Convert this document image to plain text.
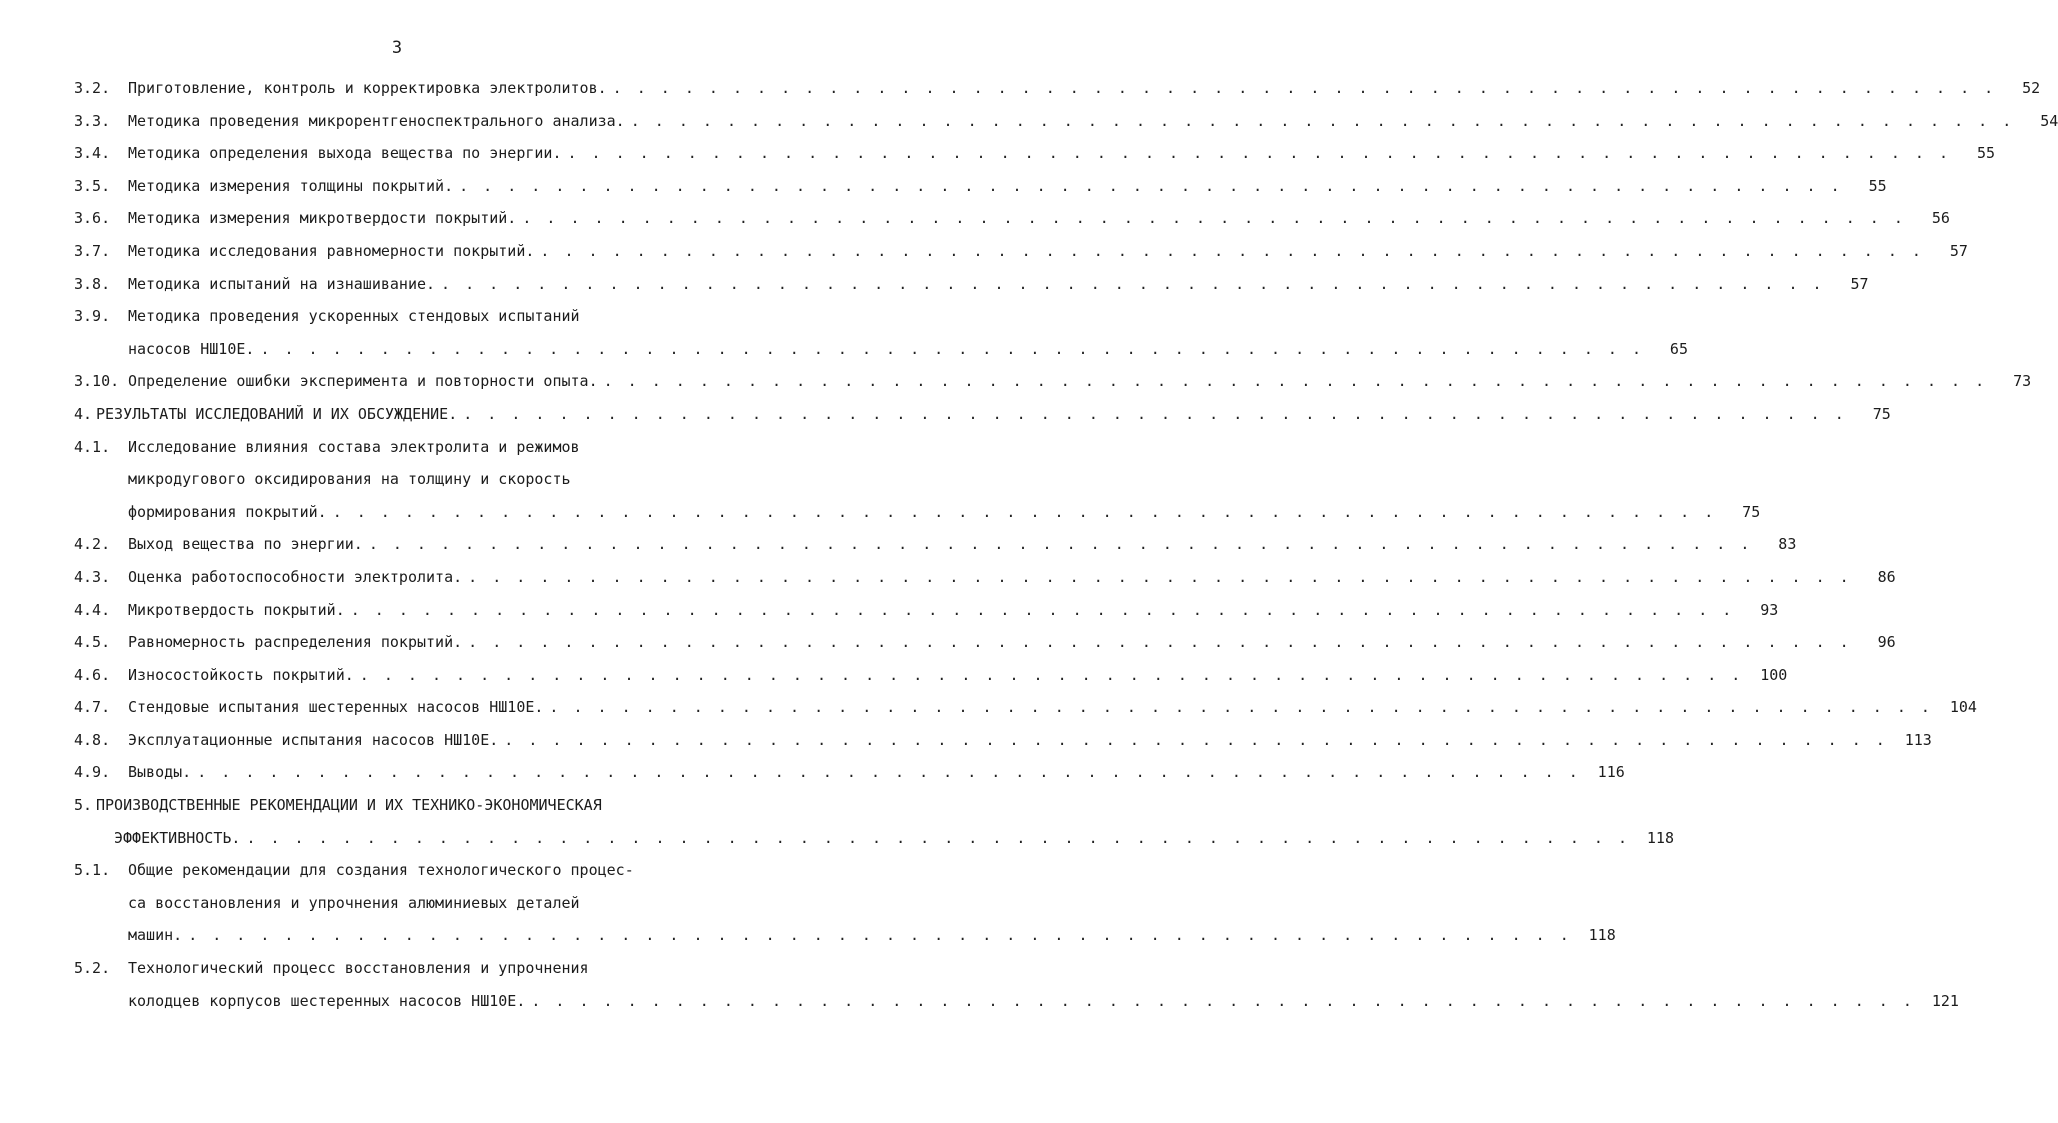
3
3.2.	Приготовление, контроль и корректировка электролитов. . . . . . . . . . . . . . . . . . . . . . . . . . . . . . . . . . . . . . . . . . . . . . . . . . . . . . . . . . .	52
3.3.	Методика проведения микрорентгеноспектрального анализа. . . . . . . . . . . . . . . . . . . . . . . . . . . . . . . . . . . . . . . . . . . . . . . . . . . . . . . . . . .	54
3.4.	Методика определения выхода вещества по энергии. . . . . . . . . . . . . . . . . . . . . . . . . . . . . . . . . . . . . . . . . . . . . . . . . . . . . . . . . . .	55
3.5.	Методика измерения толщины покрытий. . . . . . . . . . . . . . . . . . . . . . . . . . . . . . . . . . . . . . . . . . . . . . . . . . . . . . . . . . .	55
3.6.	Методика измерения микротвердости покрытий. . . . . . . . . . . . . . . . . . . . . . . . . . . . . . . . . . . . . . . . . . . . . . . . . . . . . . . . . . .	56
3.7.	Методика исследования равномерности покрытий. . . . . . . . . . . . . . . . . . . . . . . . . . . . . . . . . . . . . . . . . . . . . . . . . . . . . . . . . . .	57
3.8.	Методика испытаний на изнашивание. . . . . . . . . . . . . . . . . . . . . . . . . . . . . . . . . . . . . . . . . . . . . . . . . . . . . . . . . . .	57
3.9.	Методика проведения ускоренных стендовых испытаний
насосов НШ10Е. . . . . . . . . . . . . . . . . . . . . . . . . . . . . . . . . . . . . . . . . . . . . . . . . . . . . . . . . . .	65
3.10. Определение ошибки эксперимента и повторности опыта. . . . . . . . . . . . . . . . . . . . . . . . . . . . . . . . . . . . . . . . . . . . . . . . . . . . . . . . . . .	73
4. РЕЗУЛЬТАТЫ ИССЛЕДОВАНИЙ И ИХ ОБСУЖДЕНИЕ. . . . . . . . . . . . . . . . . . . . . . . . . . . . . . . . . . . . . . . . . . . . . . . . . . . . . . . . . . .	75
4.1.	Исследование влияния состава электролита и режимов
микродугового оксидирования на толщину и скорость
формирования покрытий. . . . . . . . . . . . . . . . . . . . . . . . . . . . . . . . . . . . . . . . . . . . . . . . . . . . . . . . . . .	75
4.2.	Выход вещества по энергии. . . . . . . . . . . . . . . . . . . . . . . . . . . . . . . . . . . . . . . . . . . . . . . . . . . . . . . . . . .	83
4.3.	Оценка работоспособности электролита. . . . . . . . . . . . . . . . . . . . . . . . . . . . . . . . . . . . . . . . . . . . . . . . . . . . . . . . . . .	86
4.4.	Микротвердость покрытий. . . . . . . . . . . . . . . . . . . . . . . . . . . . . . . . . . . . . . . . . . . . . . . . . . . . . . . . . . .	93
4.5.	Равномерность распределения покрытий. . . . . . . . . . . . . . . . . . . . . . . . . . . . . . . . . . . . . . . . . . . . . . . . . . . . . . . . . . .	96
4.6.	Износостойкость покрытий. . . . . . . . . . . . . . . . . . . . . . . . . . . . . . . . . . . . . . . . . . . . . . . . . . . . . . . . . . .	100
4.7.	Стендовые испытания шестеренных насосов НШ10Е. . . . . . . . . . . . . . . . . . . . . . . . . . . . . . . . . . . . . . . . . . . . . . . . . . . . . . . . . . .	104
4.8.	Эксплуатационные испытания насосов НШ10Е. . . . . . . . . . . . . . . . . . . . . . . . . . . . . . . . . . . . . . . . . . . . . . . . . . . . . . . . . . .	113
4.9.	Выводы. . . . . . . . . . . . . . . . . . . . . . . . . . . . . . . . . . . . . . . . . . . . . . . . . . . . . . . . . . .	116
5. ПРОИЗВОДСТВЕННЫЕ РЕКОМЕНДАЦИИ И ИХ ТЕХНИКО-ЭКОНОМИЧЕСКАЯ
ЭФФЕКТИВНОСТЬ. . . . . . . . . . . . . . . . . . . . . . . . . . . . . . . . . . . . . . . . . . . . . . . . . . . . . . . . . . .	118
5.1.	Общие рекомендации для создания технологического процес-
са восстановления и упрочнения алюминиевых деталей
машин. . . . . . . . . . . . . . . . . . . . . . . . . . . . . . . . . . . . . . . . . . . . . . . . . . . . . . . . . . .	118
5.2.	Технологический процесс восстановления и упрочнения
колодцев корпусов шестеренных насосов НШ10Е. . . . . . . . . . . . . . . . . . . . . . . . . . . . . . . . . . . . . . . . . . . . . . . . . . . . . . . . . . .	121
